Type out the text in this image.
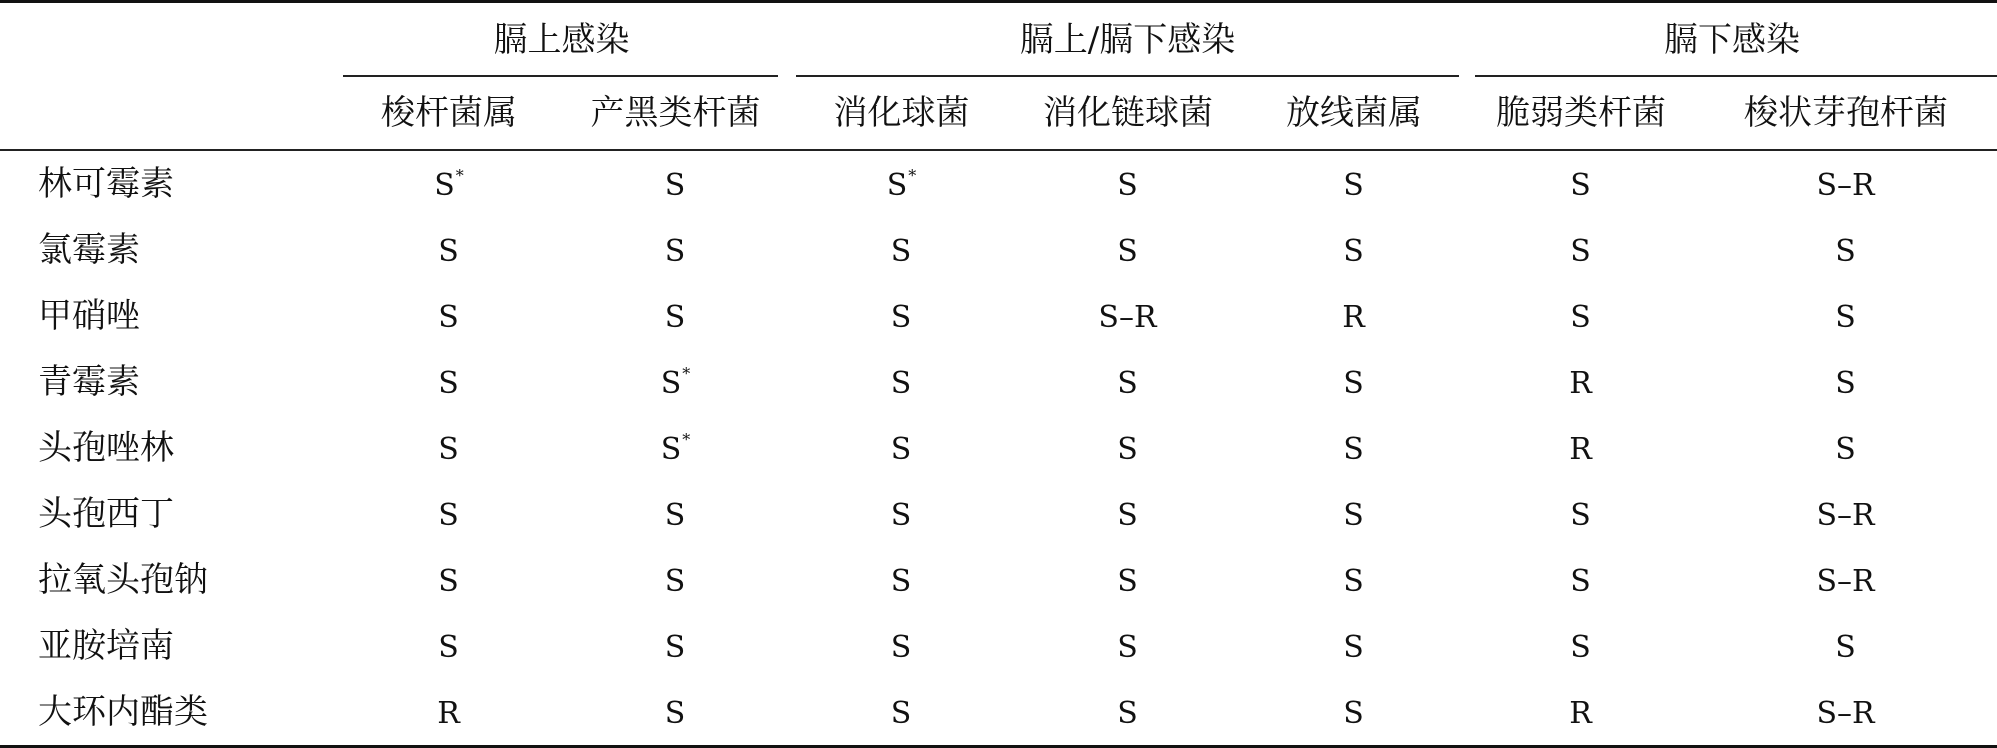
	膈上感染		膈上/膈下感染			膈下感染	

	梭杆菌属	产黑类杆菌	消化球菌	消化链球菌	放线菌属	脆弱类杆菌	梭状芽孢杆菌
林可霉素	S*	S	S*	S	S	S	S–R
氯霉素	S	S	S	S	S	S	S
甲硝唑	S	S	S	S–R	R	S	S
青霉素	S	S*	S	S	S	R	S
头孢唑林	S	S*	S	S	S	R	S
头孢西丁	S	S	S	S	S	S	S–R
拉氧头孢钠	S	S	S	S	S	S	S–R
亚胺培南	S	S	S	S	S	S	S
大环内酯类	R	S	S	S	S	R	S–R
